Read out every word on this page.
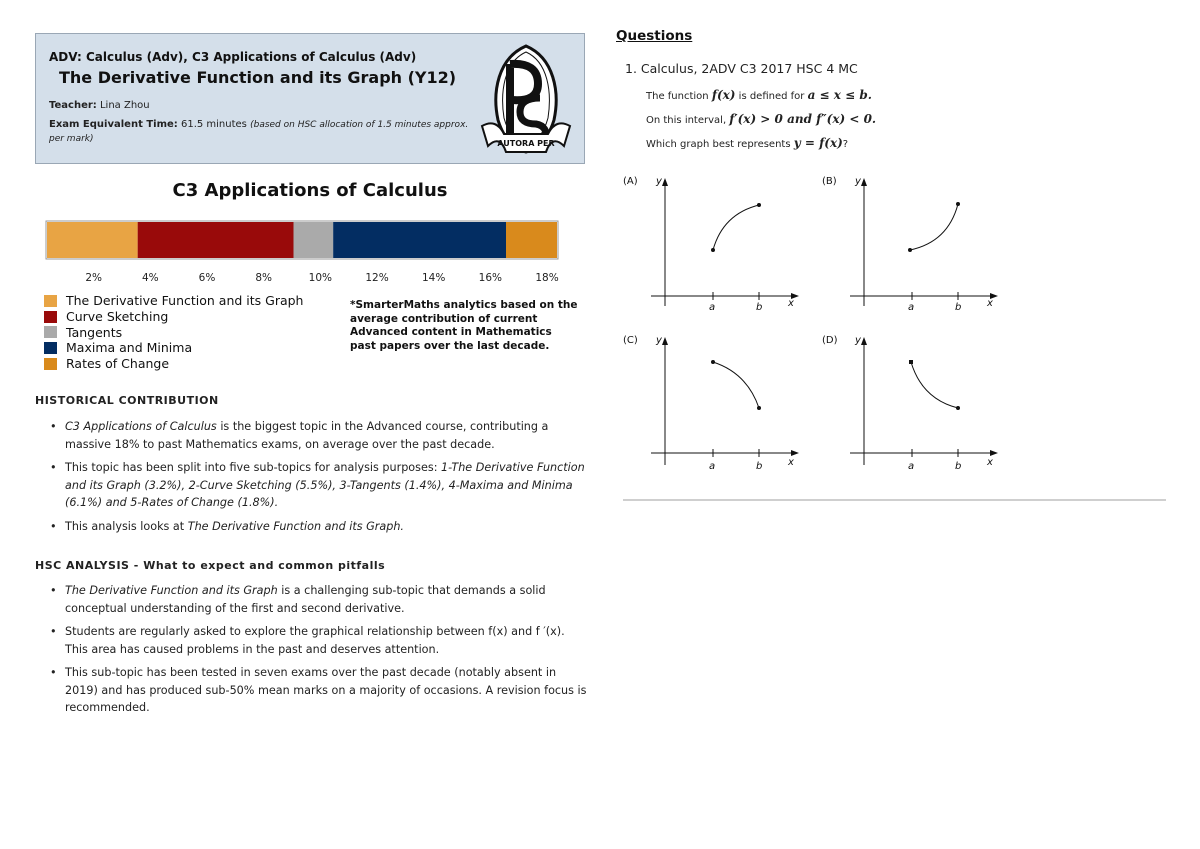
ADV: Calculus (Adv), C3 Applications of Calculus (Adv)
The Derivative Function and its Graph (Y12)
Teacher: Lina Zhou
Exam Equivalent Time: 61.5 minutes (based on HSC allocation of 1.5 minutes approx. per mark)	AUTORA PER
C3 Applications of Calculus
2%	4%	6%	8%	10%	12%	14%	16%	18%
The Derivative Function and its Graph
Curve Sketching
Tangents
Maxima and Minima
Rates of Change
*SmarterMaths analytics based on the average contribution of current Advanced content in Mathematics past papers over the last decade.
HISTORICAL CONTRIBUTION
• C3 Applications of Calculus is the biggest topic in the Advanced course, contributing a massive 18% to past Mathematics exams, on average over the past decade.
• This topic has been split into five sub-topics for analysis purposes: 1-The Derivative Function and its Graph (3.2%), 2-Curve Sketching (5.5%), 3-Tangents (1.4%), 4-Maxima and Minima (6.1%) and 5-Rates of Change (1.8%).
• This analysis looks at The Derivative Function and its Graph.
HSC ANALYSIS - What to expect and common pitfalls
• The Derivative Function and its Graph is a challenging sub-topic that demands a solid conceptual understanding of the first and second derivative.
• Students are regularly asked to explore the graphical relationship between f(x) and f ′(x). This area has caused problems in the past and deserves attention.
• This sub-topic has been tested in seven exams over the past decade (notably absent in 2019) and has produced sub-50% mean marks on a majority of occasions. A revision focus is recommended.
Questions
1. Calculus, 2ADV C3 2017 HSC 4 MC
The function f(x) is defined for a ≤ x ≤ b.
On this interval, f′(x) > 0 and f″(x) < 0.
Which graph best represents y = f(x)?
(A) y
x
a	b
(B) y
x
a	b
(C) y
x
a	b
(D) y
x
a	b
